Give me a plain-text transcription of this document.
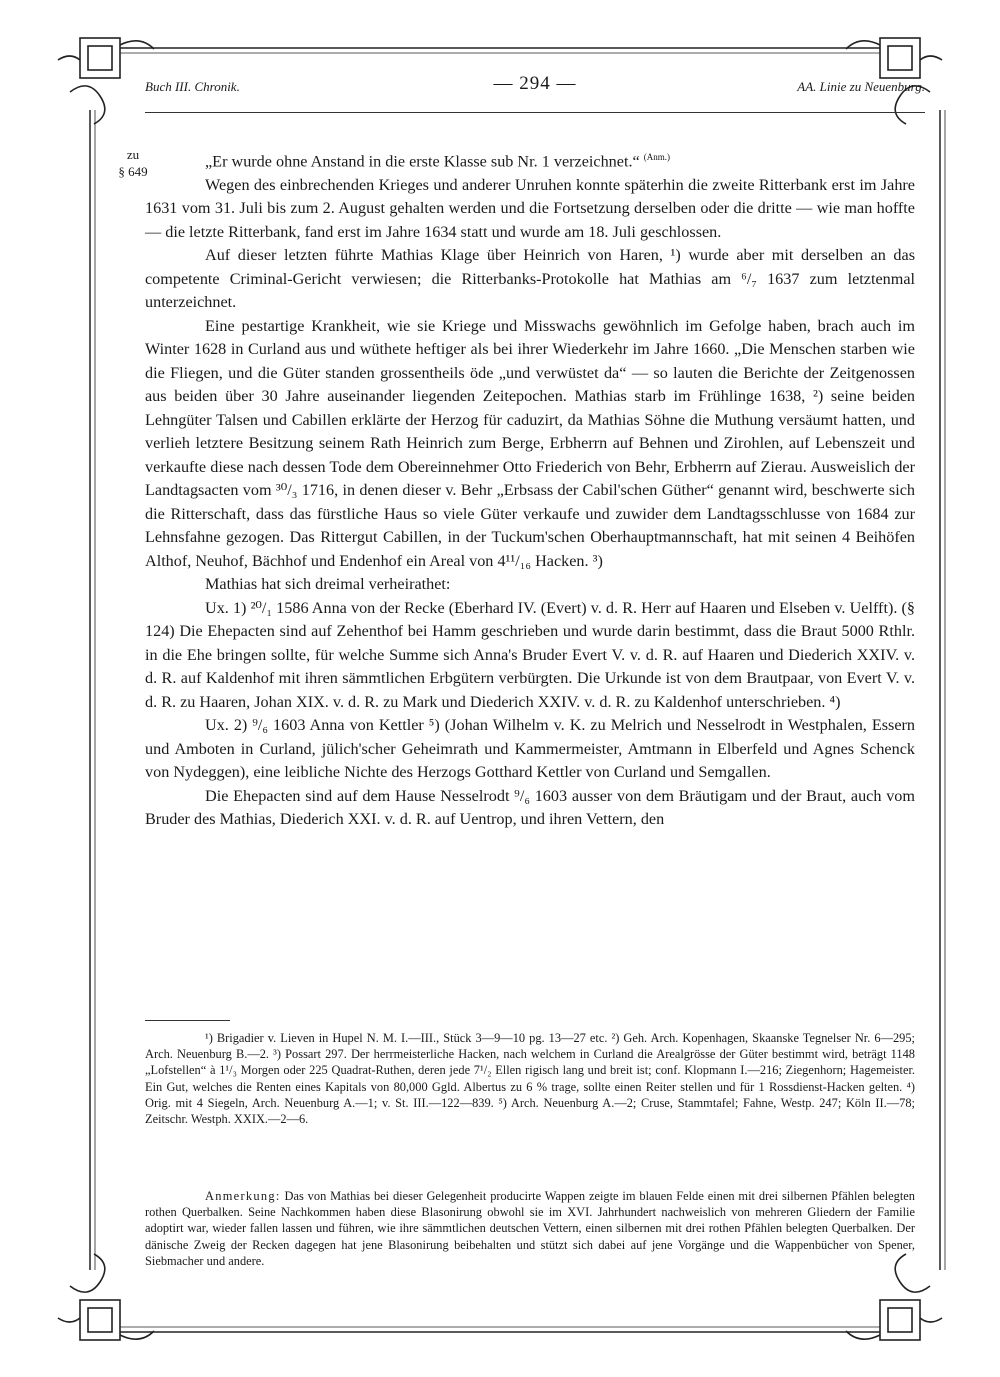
Buch III. Chronik.	— 294 —	AA. Linie zu Neuenburg.
zu
§ 649

„Er wurde ohne Anstand in die erste Klasse sub Nr. 1 verzeichnet.“ $^{(Anm.)}$

Wegen des einbrechenden Krieges und anderer Unruhen konnte späterhin die zweite Ritterbank erst im Jahre 1631 vom 31. Juli bis zum 2. August gehalten werden und die Fortsetzung derselben oder die dritte — wie man hoffte — die letzte Ritterbank, fand erst im Jahre 1634 statt und wurde am 18. Juli geschlossen.

Auf dieser letzten führte Mathias Klage über Heinrich von Haren, ¹) wurde aber mit derselben an das competente Criminal-Gericht verwiesen; die Ritterbanks-Protokolle hat Mathias am ⁶/₇ 1637 zum letztenmal unterzeichnet.

Eine pestartige Krankheit, wie sie Kriege und Misswachs gewöhnlich im Gefolge haben, brach auch im Winter 1628 in Curland aus und wüthete heftiger als bei ihrer Wiederkehr im Jahre 1660. „Die Menschen starben wie die Fliegen, und die Güter standen grossentheils öde „und verwüstet da“ — so lauten die Berichte der Zeitgenossen aus beiden über 30 Jahre auseinander liegenden Zeitepochen. Mathias starb im Frühlinge 1638, ²) seine beiden Lehngüter Talsen und Cabillen erklärte der Herzog für caduzirt, da Mathias Söhne die Muthung versäumt hatten, und verlieh letztere Besitzung seinem Rath Heinrich zum Berge, Erbherrn auf Behnen und Zirohlen, auf Lebenszeit und verkaufte diese nach dessen Tode dem Obereinnehmer Otto Friederich von Behr, Erbherrn auf Zierau. Ausweislich der Landtagsacten vom ³⁰/₃ 1716, in denen dieser v. Behr „Erbsass der Cabil'schen Güther“ genannt wird, beschwerte sich die Ritterschaft, dass das fürstliche Haus so viele Güter verkaufe und zuwider dem Landtagsschlusse von 1684 zur Lehnsfahne gezogen. Das Rittergut Cabillen, in der Tuckum'schen Oberhauptmannschaft, hat mit seinen 4 Beihöfen Althof, Neuhof, Bächhof und Endenhof ein Areal von 4¹¹/₁₆ Hacken. ³)

Mathias hat sich dreimal verheirathet:

Ux. 1) ²⁰/₁ 1586 Anna von der Recke (Eberhard IV. (Evert) v. d. R. Herr auf Haaren und Elseben v. Uelfft). (§ 124) Die Ehepacten sind auf Zehenthof bei Hamm geschrieben und wurde darin bestimmt, dass die Braut 5000 Rthlr. in die Ehe bringen sollte, für welche Summe sich Anna's Bruder Evert V. v. d. R. auf Haaren und Diederich XXIV. v. d. R. auf Kaldenhof mit ihren sämmtlichen Erbgütern verbürgten. Die Urkunde ist von dem Brautpaar, von Evert V. v. d. R. zu Haaren, Johan XIX. v. d. R. zu Mark und Diederich XXIV. v. d. R. zu Kaldenhof unterschrieben. ⁴)

Ux. 2) ⁹/₆ 1603 Anna von Kettler ⁵) (Johan Wilhelm v. K. zu Melrich und Nesselrodt in Westphalen, Essern und Amboten in Curland, jülich'scher Geheimrath und Kammermeister, Amtmann in Elberfeld und Agnes Schenck von Nydeggen), eine leibliche Nichte des Herzogs Gotthard Kettler von Curland und Semgallen.

Die Ehepacten sind auf dem Hause Nesselrodt ⁹/₆ 1603 ausser von dem Bräutigam und der Braut, auch vom Bruder des Mathias, Diederich XXI. v. d. R. auf Uentrop, und ihren Vettern, den

¹) Brigadier v. Lieven in Hupel N. M. I.—III., Stück 3—9—10 pg. 13—27 etc. ²) Geh. Arch. Kopenhagen, Skaanske Tegnelser Nr. 6—295; Arch. Neuenburg B.—2. ³) Possart 297. Der herrmeisterliche Hacken, nach welchem in Curland die Arealgrösse der Güter bestimmt wird, beträgt 1148 „Lofstellen“ à 1¹/₃ Morgen oder 225 Quadrat-Ruthen, deren jede 7¹/₂ Ellen rigisch lang und breit ist; conf. Klopmann I.—216; Ziegenhorn; Hagemeister. Ein Gut, welches die Renten eines Kapitals von 80,000 Ggld. Albertus zu 6 % trage, sollte einen Reiter stellen und für 1 Rossdienst-Hacken gelten. ⁴) Orig. mit 4 Siegeln, Arch. Neuenburg A.—1; v. St. III.—122—839. ⁵) Arch. Neuenburg A.—2; Cruse, Stammtafel; Fahne, Westp. 247; Köln II.—78; Zeitschr. Westph. XXIX.—2—6.
Anmerkung: Das von Mathias bei dieser Gelegenheit producirte Wappen zeigte im blauen Felde einen mit drei silbernen Pfählen belegten rothen Querbalken. Seine Nachkommen haben diese Blasonirung obwohl sie im XVI. Jahrhundert nachweislich von mehreren Gliedern der Familie adoptirt war, wieder fallen lassen und führen, wie ihre sämmtlichen deutschen Vettern, einen silbernen mit drei rothen Pfählen belegten Querbalken. Der dänische Zweig der Recken dagegen hat jene Blasonirung beibehalten und stützt sich dabei auf jene Vorgänge und die Wappenbücher von Spener, Siebmacher und andere.
